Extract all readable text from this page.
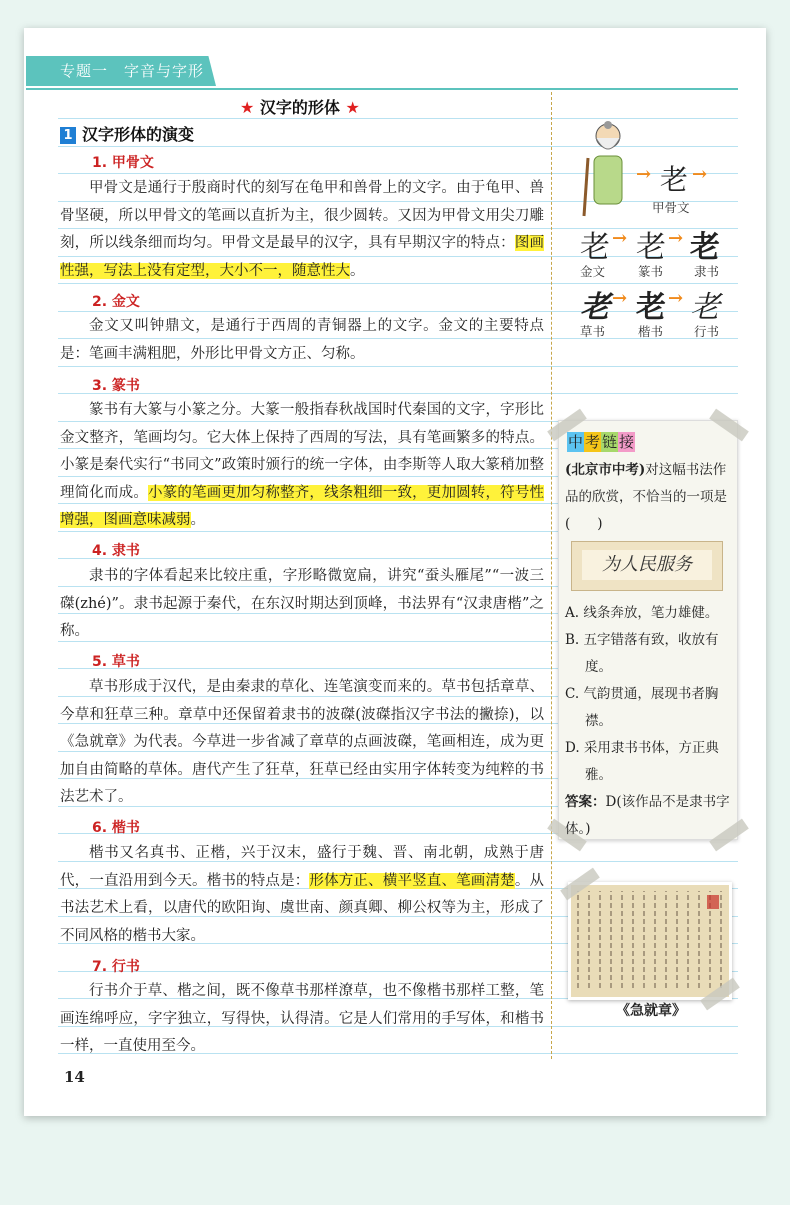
专题一　字音与字形
★ 汉字的形体 ★
1 汉字形体的演变
1. 甲骨文

甲骨文是通行于殷商时代的刻写在龟甲和兽骨上的文字。由于龟甲、兽骨坚硬，所以甲骨文的笔画以直折为主，很少圆转。又因为甲骨文用尖刀雕刻，所以线条细而均匀。甲骨文是最早的汉字，具有早期汉字的特点：图画性强，写法上没有定型，大小不一，随意性大。

2. 金文

金文又叫钟鼎文，是通行于西周的青铜器上的文字。金文的主要特点是：笔画丰满粗肥，外形比甲骨文方正、匀称。

3. 篆书

篆书有大篆与小篆之分。大篆一般指春秋战国时代秦国的文字，字形比金文整齐，笔画均匀。它大体上保持了西周的写法，具有笔画繁多的特点。小篆是秦代实行“书同文”政策时颁行的统一字体，由李斯等人取大篆稍加整理简化而成。小篆的笔画更加匀称整齐，线条粗细一致，更加圆转，符号性增强，图画意味减弱。

4. 隶书

隶书的字体看起来比较庄重，字形略微宽扁，讲究“蚕头雁尾”“一波三磔(zhé)”。隶书起源于秦代，在东汉时期达到顶峰，书法界有“汉隶唐楷”之称。

5. 草书

草书形成于汉代，是由秦隶的草化、连笔演变而来的。草书包括章草、今草和狂草三种。章草中还保留着隶书的波磔(波磔指汉字书法的撇捺)，以《急就章》为代表。今草进一步省减了章草的点画波磔，笔画相连，成为更加自由简略的草体。唐代产生了狂草，狂草已经由实用字体转变为纯粹的书法艺术了。

6. 楷书

楷书又名真书、正楷，兴于汉末，盛行于魏、晋、南北朝，成熟于唐代，一直沿用到今天。楷书的特点是：形体方正、横平竖直、笔画清楚。从书法艺术上看，以唐代的欧阳询、虞世南、颜真卿、柳公权等为主，形成了不同风格的楷书大家。

7. 行书

行书介于草、楷之间，既不像草书那样潦草，也不像楷书那样工整，笔画连绵呼应，字字独立，写得快，认得清。它是人们常用的手写体，和楷书一样，一直使用至今。

14
→ 老 →
甲骨文
老 → 老 → 老
金文	篆书 隶书
老 → 老 → 老
草书	楷书 行书
中 考 链 接

(北京市中考)对这幅书法作品的欣赏，不恰当的一项是　　　(　　)

A. 线条奔放，笔力雄健。

B. 五字错落有致，收放有度。

C. 气韵贯通，展现书者胸襟。

D. 采用隶书书体，方正典雅。

答案：D(该作品不是隶书字体。)

为人民服务
《急就章》
